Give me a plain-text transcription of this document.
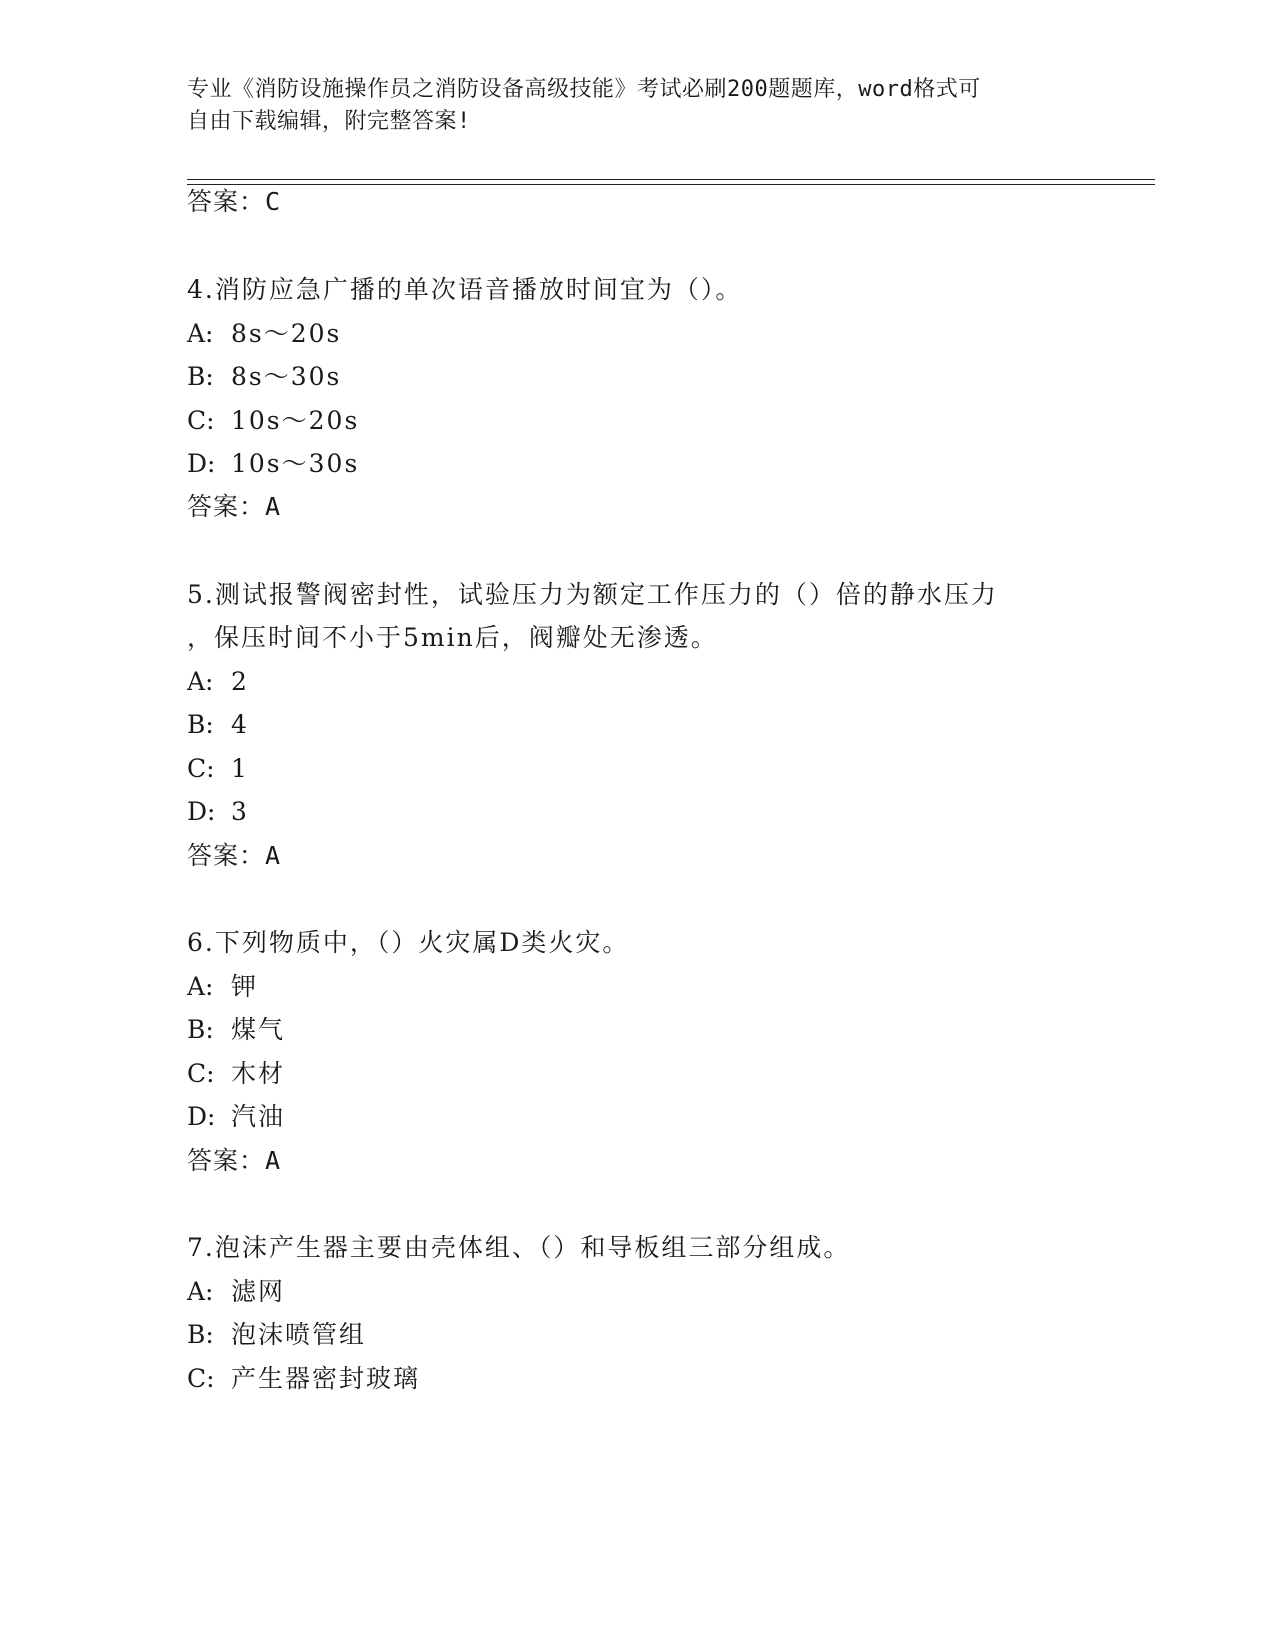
专业《消防设施操作员之消防设备高级技能》考试必刷200题题库，word格式可
自由下载编辑，附完整答案!
答案：C
4.消防应急广播的单次语音播放时间宜为（）。
A: 8s～20s
B: 8s～30s
C: 10s～20s
D: 10s～30s
答案：A
5.测试报警阀密封性，试验压力为额定工作压力的（）倍的静水压力
，保压时间不小于5min后，阀瓣处无渗透。
A: 2
B: 4
C: 1
D: 3
答案：A
6.下列物质中，（）火灾属D类火灾。
A: 钾
B: 煤气
C: 木材
D: 汽油
答案：A
7.泡沫产生器主要由壳体组、（）和导板组三部分组成。
A: 滤网
B: 泡沫喷管组
C: 产生器密封玻璃
